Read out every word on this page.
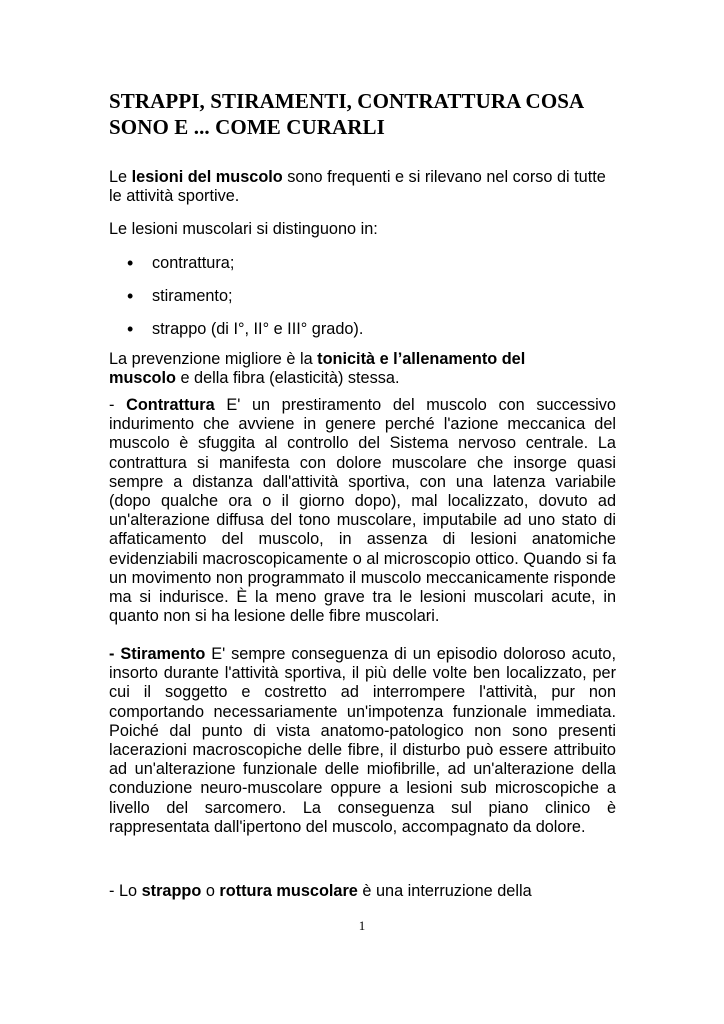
STRAPPI, STIRAMENTI, CONTRATTURA COSA
SONO E ... COME CURARLI

Le lesioni del muscolo sono frequenti e si rilevano nel corso di tutte le attività sportive.

Le lesioni muscolari si distinguono in:

• contrattura;
• stiramento;
• strappo (di I°, II° e III° grado).

La prevenzione migliore è la tonicità e l’allenamento del muscolo e della fibra (elasticità) stessa.

- Contrattura E' un prestiramento del muscolo con successivo indurimento che avviene in genere perché l'azione meccanica del muscolo è sfuggita al controllo del Sistema nervoso centrale. La contrattura si manifesta con dolore muscolare che insorge quasi sempre a distanza dall'attività sportiva, con una latenza variabile (dopo qualche ora o il giorno dopo), mal localizzato, dovuto ad un'alterazione diffusa del tono muscolare, imputabile ad uno stato di affaticamento del muscolo, in assenza di lesioni anatomiche evidenziabili macroscopicamente o al microscopio ottico. Quando si fa un movimento non programmato il muscolo meccanicamente risponde ma si indurisce. È la meno grave tra le lesioni muscolari acute, in quanto non si ha lesione delle fibre muscolari.

- Stiramento E' sempre conseguenza di un episodio doloroso acuto, insorto durante l'attività sportiva, il più delle volte ben localizzato, per cui il soggetto e costretto ad interrompere l'attività, pur non comportando necessariamente un'impotenza funzionale immediata. Poiché dal punto di vista anatomo-patologico non sono presenti lacerazioni macroscopiche delle fibre, il disturbo può essere attribuito ad un'alterazione funzionale delle miofibrille, ad un'alterazione della conduzione neuro-muscolare oppure a lesioni sub microscopiche a livello del sarcomero. La conseguenza sul piano clinico è rappresentata dall'ipertono del muscolo, accompagnato da dolore.

- Lo strappo o rottura muscolare è una interruzione della

1
